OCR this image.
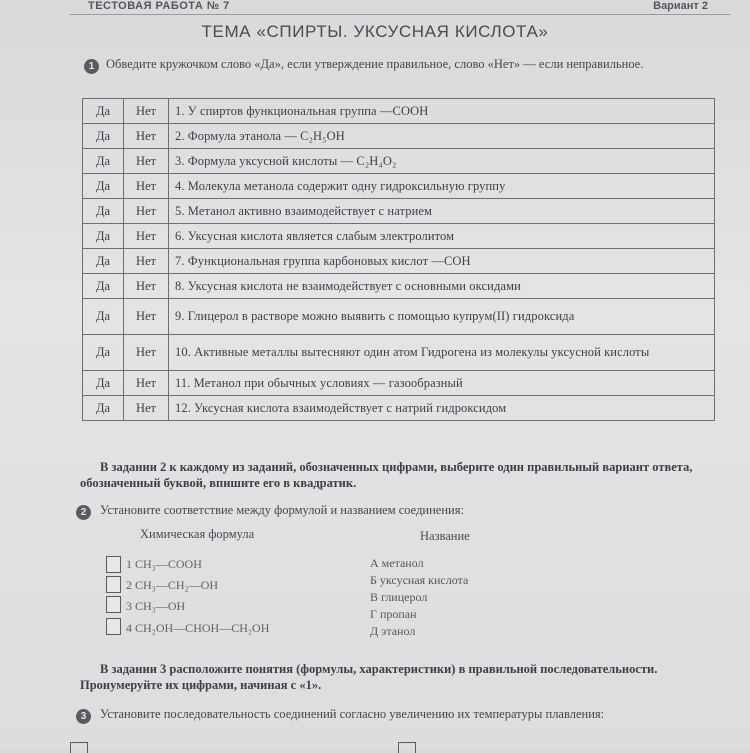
ТЕСТОВАЯ РАБОТА № 7	Вариант 2
ТЕМА «СПИРТЫ. УКСУСНАЯ КИСЛОТА»
1 Обведите кружочком слово «Да», если утверждение правильное, слово «Нет» — если неправильное.
Да	Нет	1. У спиртов функциональная группа —COOH
Да	Нет	2. Формула этанола — C₂H₅OH
Да	Нет	3. Формула уксусной кислоты — C₂H₄O₂
Да	Нет	4. Молекула метанола содержит одну гидроксильную группу
Да	Нет	5. Метанол активно взаимодействует с натрием
Да	Нет	6. Уксусная кислота является слабым электролитом
Да	Нет	7. Функциональная группа карбоновых кислот —COH
Да	Нет	8. Уксусная кислота не взаимодействует с основными оксидами
Да	Нет	9. Глицерол в растворе можно выявить с помощью купрум(II) гидроксида
Да	Нет	10. Активные металлы вытесняют один атом Гидрогена из молекулы уксусной кислоты
Да	Нет	11. Метанол при обычных условиях — газообразный
Да	Нет	12. Уксусная кислота взаимодействует с натрий гидроксидом
В задании 2 к каждому из заданий, обозначенных цифрами, выберите один правильный вариант ответа, обозначенный буквой, впишите его в квадратик.
2	Установите соответствие между формулой и названием соединения:
Химическая формула	Название
1 CH₃—COOH
2 CH₃—CH₂—OH
3 CH₃—OH
4 CH₂OH—CHOH—CH₂OH
А метанол
Б уксусная кислота
В глицерол
Г пропан
Д этанол
В задании 3 расположите понятия (формулы, характеристики) в правильной последовательности. Пронумеруйте их цифрами, начиная с «1».
3	Установите последовательность соединений согласно увеличению их температуры плавления:
